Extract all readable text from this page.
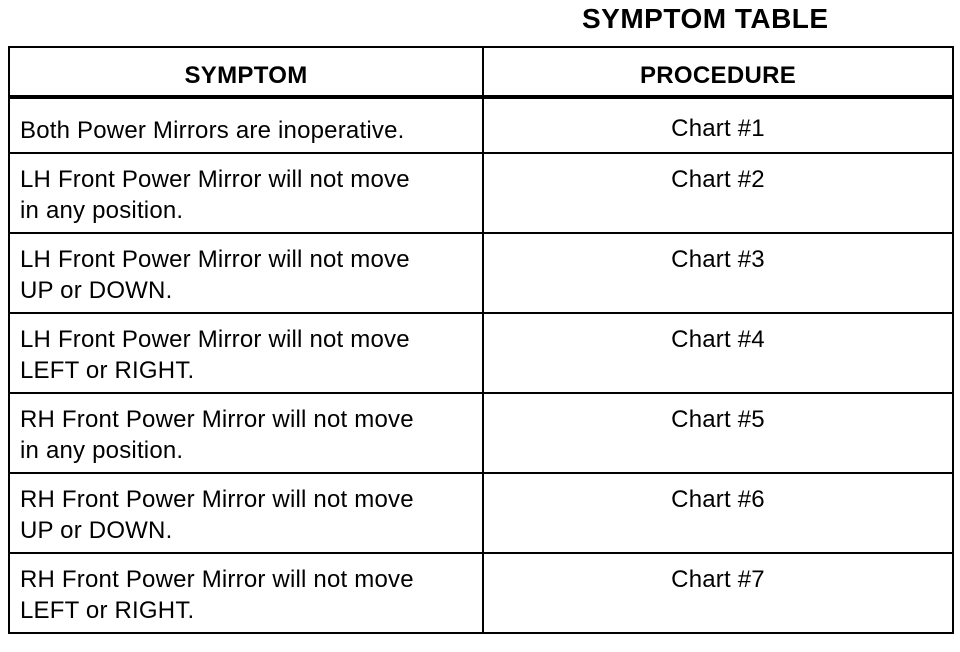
SYMPTOM TABLE
SYMPTOM	PROCEDURE
Both Power Mirrors are inoperative.	Chart #1

LH Front Power Mirror will not move
in any position.	Chart #2

LH Front Power Mirror will not move
UP or DOWN.	Chart #3

LH Front Power Mirror will not move
LEFT or RIGHT.	Chart #4

RH Front Power Mirror will not move
in any position.	Chart #5

RH Front Power Mirror will not move
UP or DOWN.	Chart #6

RH Front Power Mirror will not move
LEFT or RIGHT.	Chart #7
